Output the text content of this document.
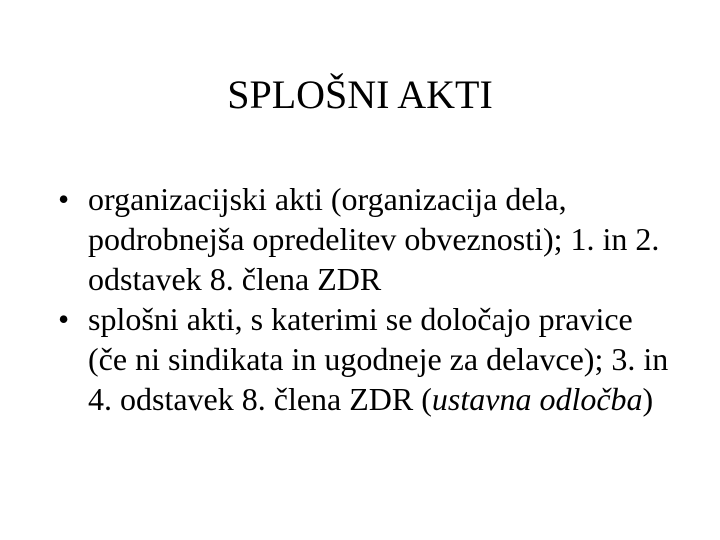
SPLOŠNI AKTI
• organizacijski akti (organizacija dela, podrobnejša opredelitev obveznosti); 1. in 2. odstavek 8. člena ZDR
• splošni akti, s katerimi se določajo pravice (če ni sindikata in ugodneje za delavce); 3. in 4. odstavek 8. člena ZDR (ustavna odločba)
